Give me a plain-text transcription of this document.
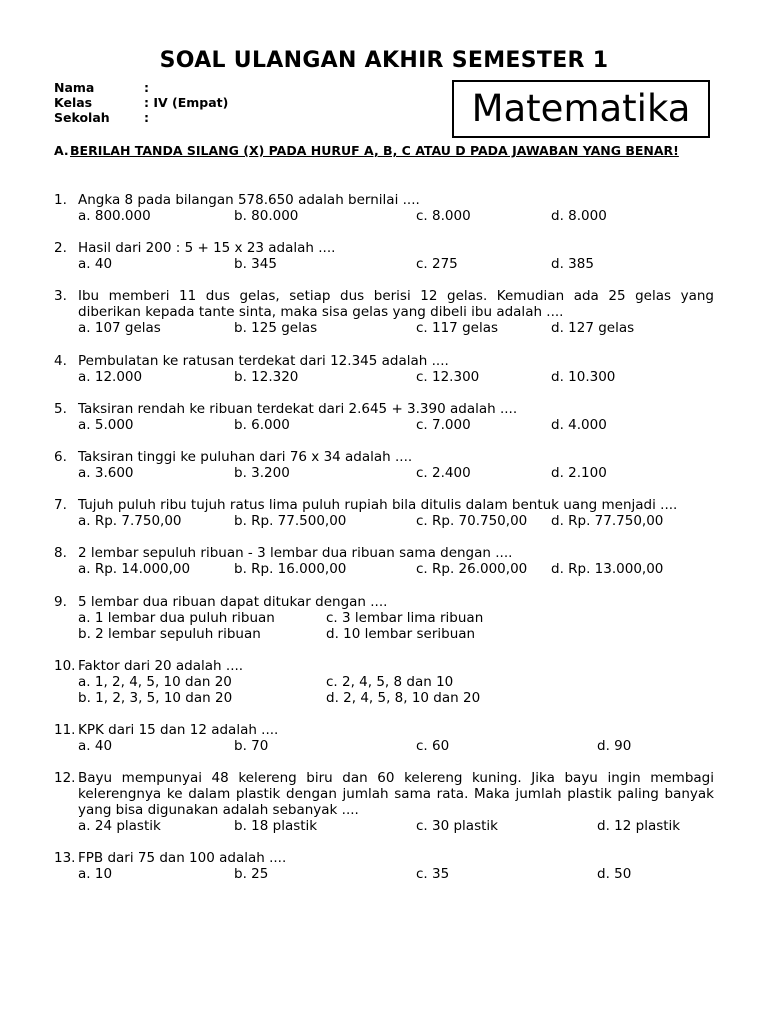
SOAL ULANGAN AKHIR SEMESTER 1
Nama	:
Kelas	: IV (Empat)
Sekolah	:	Matematika
A. BERILAH TANDA SILANG (X) PADA HURUF A, B, C ATAU D PADA JAWABAN YANG BENAR!
1. Angka 8 pada bilangan 578.650 adalah bernilai ....
a. 800.000	b. 80.000	c. 8.000	d. 8.000
2. Hasil dari 200 : 5 + 15 x 23 adalah ....
a. 40	b. 345	c. 275	d. 385
3. Ibu memberi 11 dus gelas, setiap dus berisi 12 gelas. Kemudian ada 25 gelas yang
diberikan kepada tante sinta, maka sisa gelas yang dibeli ibu adalah ....
a. 107 gelas	b. 125 gelas	c. 117 gelas	d. 127 gelas
4. Pembulatan ke ratusan terdekat dari 12.345 adalah ....
a. 12.000	b. 12.320	c. 12.300	d. 10.300
5. Taksiran rendah ke ribuan terdekat dari 2.645 + 3.390 adalah ....
a. 5.000	b. 6.000	c. 7.000	d. 4.000
6. Taksiran tinggi ke puluhan dari 76 x 34 adalah ....
a. 3.600	b. 3.200	c. 2.400	d. 2.100
7. Tujuh puluh ribu tujuh ratus lima puluh rupiah bila ditulis dalam bentuk uang menjadi ....
a. Rp. 7.750,00	b. Rp. 77.500,00	c. Rp. 70.750,00 d. Rp. 77.750,00
8. 2 lembar sepuluh ribuan - 3 lembar dua ribuan sama dengan ....
a. Rp. 14.000,00	b. Rp. 16.000,00	c. Rp. 26.000,00 d. Rp. 13.000,00
9. 5 lembar dua ribuan dapat ditukar dengan ....
a. 1 lembar dua puluh ribuan	c. 3 lembar lima ribuan
b. 2 lembar sepuluh ribuan	d. 10 lembar seribuan
10. Faktor dari 20 adalah ....
a. 1, 2, 4, 5, 10 dan 20	c. 2, 4, 5, 8 dan 10
b. 1, 2, 3, 5, 10 dan 20	d. 2, 4, 5, 8, 10 dan 20
11. KPK dari 15 dan 12 adalah ....
a. 40	b. 70	c. 60	d. 90
12. Bayu mempunyai 48 kelereng biru dan 60 kelereng kuning. Jika bayu ingin membagi
kelerengnya ke dalam plastik dengan jumlah sama rata. Maka jumlah plastik paling banyak
yang bisa digunakan adalah sebanyak ....
a. 24 plastik	b. 18 plastik	c. 30 plastik	d. 12 plastik
13. FPB dari 75 dan 100 adalah ....
a. 10	b. 25	c. 35	d. 50
